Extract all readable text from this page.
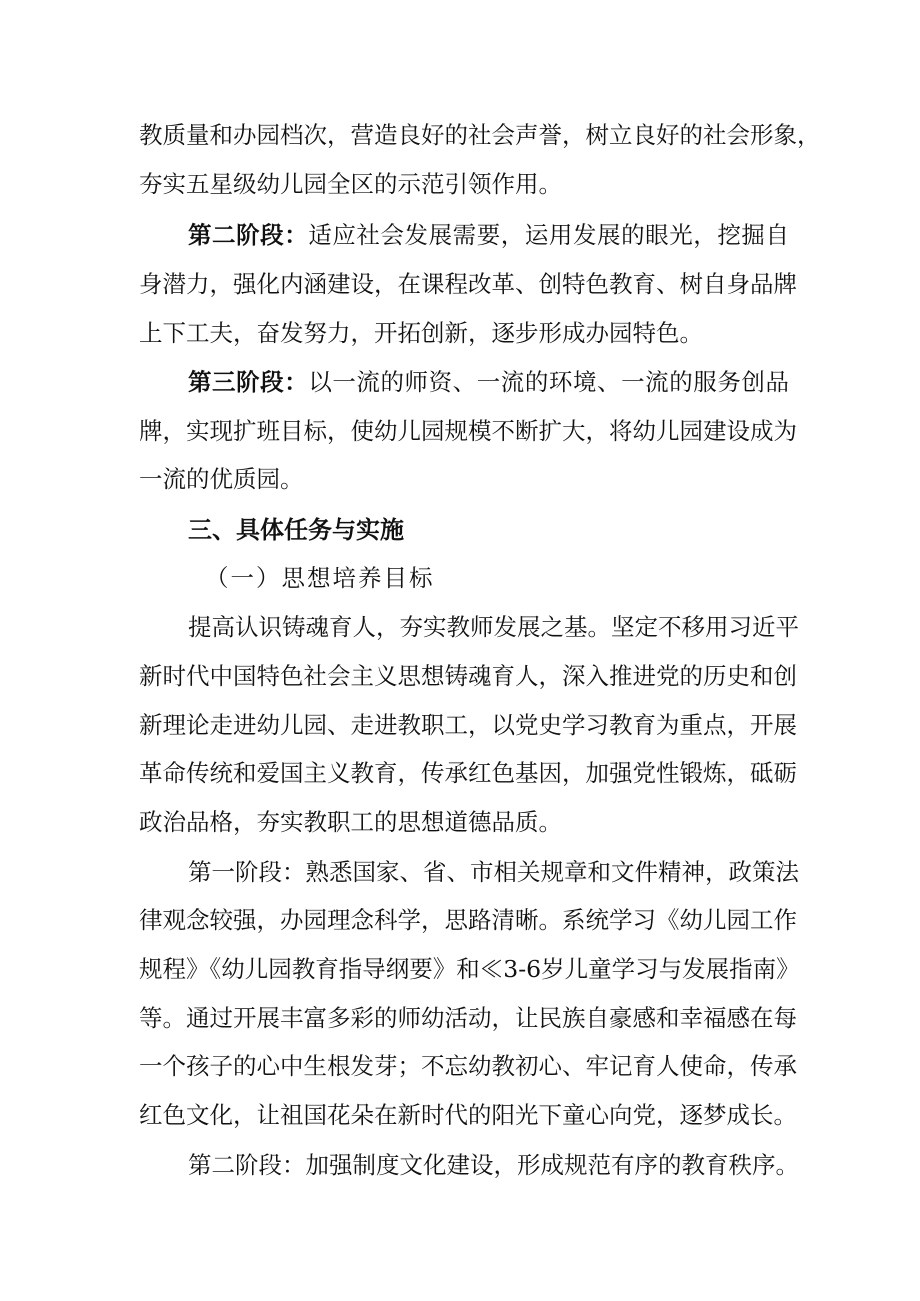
教质量和办园档次，营造良好的社会声誉，树立良好的社会形象，
夯实五星级幼儿园全区的示范引领作用。
第二阶段：适应社会发展需要，运用发展的眼光，挖掘自
身潜力，强化内涵建设，在课程改革、创特色教育、树自身品牌
上下工夫，奋发努力，开拓创新，逐步形成办园特色。
第三阶段：以一流的师资、一流的环境、一流的服务创品
牌，实现扩班目标，使幼儿园规模不断扩大，将幼儿园建设成为
一流的优质园。
三、具体任务与实施
（一）思想培养目标
提高认识铸魂育人，夯实教师发展之基。坚定不移用习近平
新时代中国特色社会主义思想铸魂育人，深入推进党的历史和创
新理论走进幼儿园、走进教职工，以党史学习教育为重点，开展
革命传统和爱国主义教育，传承红色基因，加强党性锻炼，砥砺
政治品格，夯实教职工的思想道德品质。
第一阶段：熟悉国家、省、市相关规章和文件精神，政策法
律观念较强，办园理念科学，思路清晰。系统学习《幼儿园工作
规程》《幼儿园教育指导纲要》和≪3-6岁儿童学习与发展指南》
等。通过开展丰富多彩的师幼活动，让民族自豪感和幸福感在每
一个孩子的心中生根发芽；不忘幼教初心、牢记育人使命，传承
红色文化，让祖国花朵在新时代的阳光下童心向党，逐梦成长。
第二阶段：加强制度文化建设，形成规范有序的教育秩序。
